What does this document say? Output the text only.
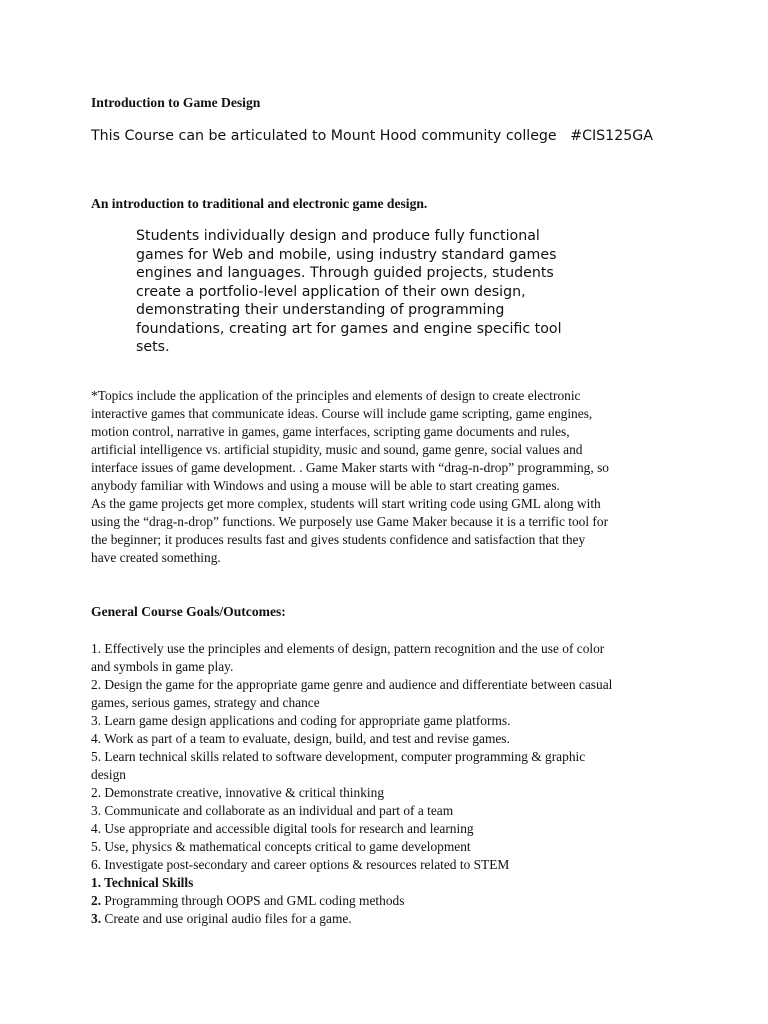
Introduction to Game Design

This Course can be articulated to Mount Hood community college   #CIS125GA

An introduction to traditional and electronic game design.

Students individually design and produce fully functional
games for Web and mobile, using industry standard games
engines and languages. Through guided projects, students
create a portfolio-level application of their own design,
demonstrating their understanding of programming
foundations, creating art for games and engine specific tool
sets.
*Topics include the application of the principles and elements of design to create electronic
interactive games that communicate ideas. Course will include game scripting, game engines,
motion control, narrative in games, game interfaces, scripting game documents and rules,
artificial intelligence vs. artificial stupidity, music and sound, game genre, social values and
interface issues of game development. . Game Maker starts with “drag-n-drop” programming, so
anybody familiar with Windows and using a mouse will be able to start creating games.
As the game projects get more complex, students will start writing code using GML along with
using the “drag-n-drop” functions. We purposely use Game Maker because it is a terrific tool for
the beginner; it produces results fast and gives students confidence and satisfaction that they
have created something.

General Course Goals/Outcomes:

1. Effectively use the principles and elements of design, pattern recognition and the use of color
and symbols in game play.
2. Design the game for the appropriate game genre and audience and differentiate between casual
games, serious games, strategy and chance
3. Learn game design applications and coding for appropriate game platforms.
4. Work as part of a team to evaluate, design, build, and test and revise games.
5. Learn technical skills related to software development, computer programming & graphic
design
2. Demonstrate creative, innovative & critical thinking
3. Communicate and collaborate as an individual and part of a team
4. Use appropriate and accessible digital tools for research and learning
5. Use, physics & mathematical concepts critical to game development
6. Investigate post-secondary and career options & resources related to STEM
1. Technical Skills
2. Programming through OOPS and GML coding methods
3. Create and use original audio files for a game.
